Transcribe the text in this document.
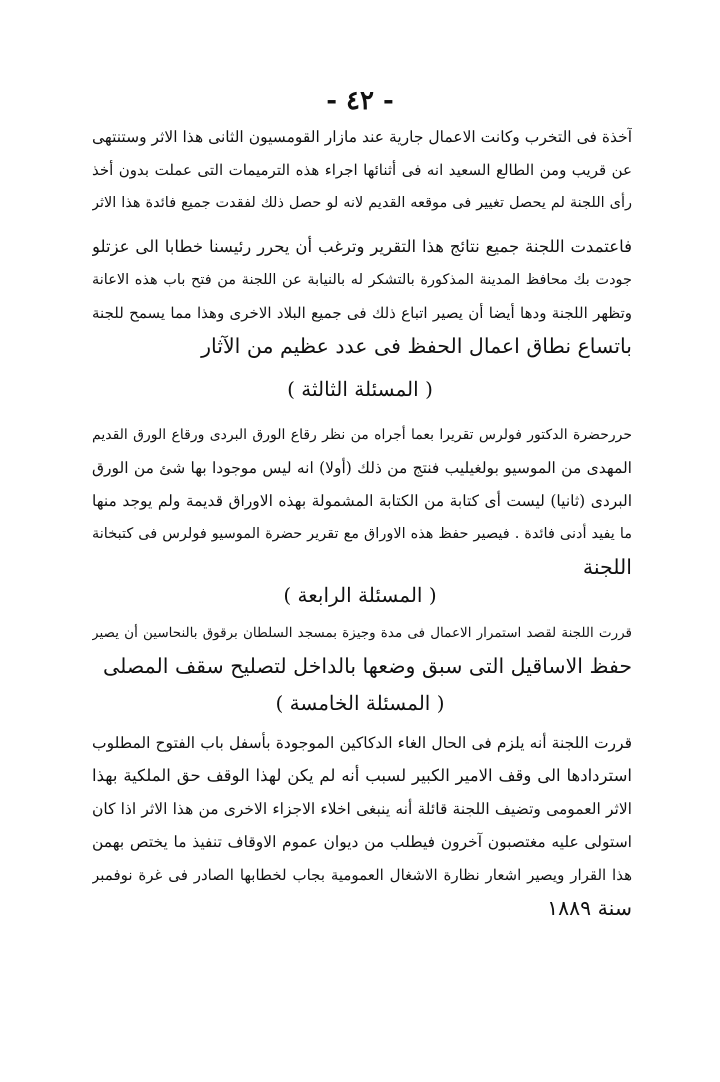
- ٤٢ -
آخذة فى التخرب وكانت الاعمال جارية عند مازار القومسيون الثانى هذا الاثر وستنتهى
عن قريب ومن الطالع السعيد انه فى أثنائها اجراء هذه الترميمات التى عملت بدون أخذ
رأى اللجنة لم يحصل تغيير فى موقعه القديم لانه لو حصل ذلك لفقدت جميع فائدة هذا الاثر
فاعتمدت اللجنة جميع نتائج هذا التقرير وترغب أن يحرر رئيسنا خطابا الى عزتلو
جودت بك محافظ المدينة المذكورة بالتشكر له بالنيابة عن اللجنة من فتح باب هذه الاعانة
وتظهر اللجنة ودها أيضا أن يصير اتباع ذلك فى جميع البلاد الاخرى وهذا مما يسمح للجنة
باتساع نطاق اعمال الحفظ فى عدد عظيم من الآثار
( المسئلة الثالثة )
حررحضرة الدكتور فولرس تقريرا بعما أجراه من نظر رقاع الورق البردى ورقاع الورق القديم
المهدى من الموسيو بولغيليب فنتج من ذلك (أولا) انه ليس موجودا بها شئ من الورق
البردى (ثانيا) ليست أى كتابة من الكتابة المشمولة بهذه الاوراق قديمة ولم يوجد منها
ما يفيد أدنى فائدة . فيصير حفظ هذه الاوراق مع تقرير حضرة الموسيو فولرس فى كتبخانة
اللجنة
( المسئلة الرابعة )
قررت اللجنة لقصد استمرار الاعمال فى مدة وجيزة بمسجد السلطان برقوق بالنحاسين أن يصير
حفظ الاساقيل التى سبق وضعها بالداخل لتصليح سقف المصلى
( المسئلة الخامسة )
قررت اللجنة أنه يلزم فى الحال الغاء الدكاكين الموجودة بأسفل باب الفتوح المطلوب
استردادها الى وقف الامير الكبير لسبب أنه لم يكن لهذا الوقف حق الملكية بهذا
الاثر العمومى وتضيف اللجنة قائلة أنه ينبغى اخلاء الاجزاء الاخرى من هذا الاثر اذا كان
استولى عليه مغتصبون آخرون فيطلب من ديوان عموم الاوقاف تنفيذ ما يختص بهمن
هذا القرار ويصير اشعار نظارة الاشغال العمومية بجاب لخطابها الصادر فى غرة نوفمبر
سنة ١٨٨٩
